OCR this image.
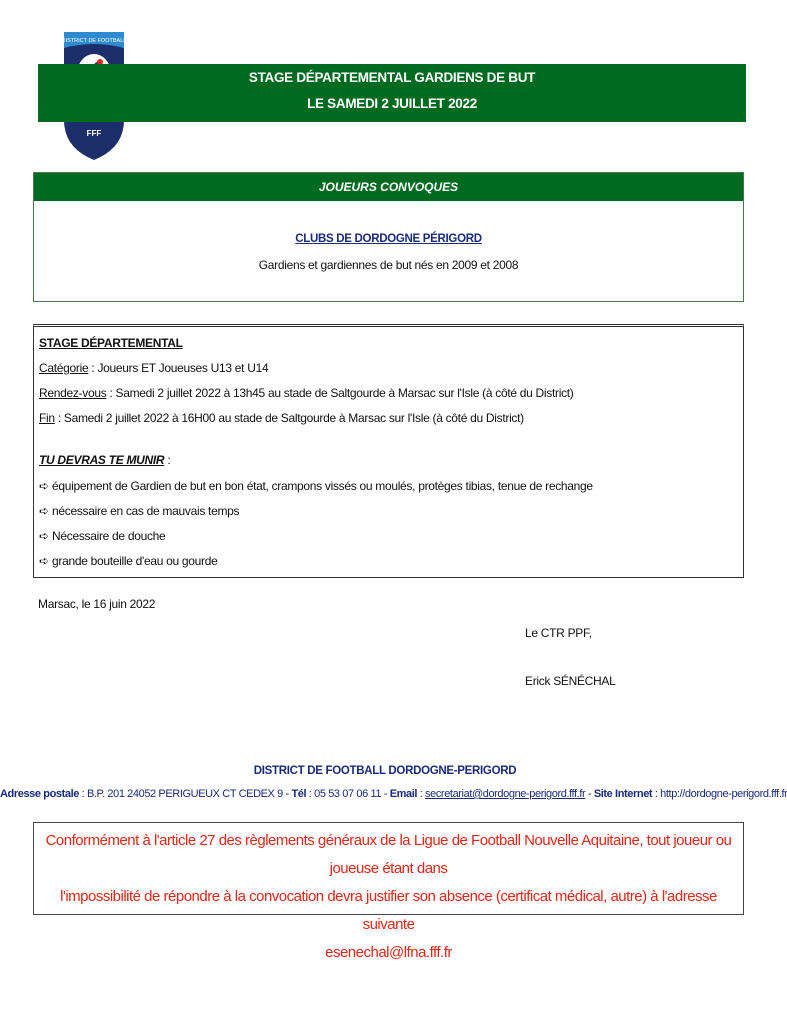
DISTRICT DE FOOTBALL
FFF
STAGE DÉPARTEMENTAL GARDIENS DE BUT
LE SAMEDI 2 JUILLET 2022
JOUEURS CONVOQUES
CLUBS DE DORDOGNE PÉRIGORD
Gardiens et gardiennes de but nés en 2009 et 2008
STAGE DÉPARTEMENTAL
Catégorie : Joueurs ET Joueuses U13 et U14
Rendez-vous : Samedi 2 juillet 2022 à 13h45 au stade de Saltgourde à Marsac sur l'Isle (à côté du District)
Fin : Samedi 2 juillet 2022 à 16H00 au stade de Saltgourde à Marsac sur l'Isle (à côté du District)
TU DEVRAS TE MUNIR :
➪ équipement de Gardien de but en bon état, crampons vissés ou moulés, protèges tibias, tenue de rechange
➪ nécessaire en cas de mauvais temps
➪ Nécessaire de douche
➪ grande bouteille d'eau ou gourde
Marsac, le 16 juin 2022
Le CTR PPF,
Erick SÉNÉCHAL
DISTRICT DE FOOTBALL DORDOGNE-PERIGORD
Adresse postale : B.P. 201 24052 PERIGUEUX CT CEDEX 9 - Tél : 05 53 07 06 11 - Email : secretariat@dordogne-perigord.fff.fr - Site Internet : http://dordogne-perigord.fff.fr
Conformément à l'article 27 des règlements généraux de la Ligue de Football Nouvelle Aquitaine, tout joueur ou joueuse étant dans
l'impossibilité de répondre à la convocation devra justifier son absence (certificat médical, autre) à l'adresse suivante
esenechal@lfna.fff.fr
